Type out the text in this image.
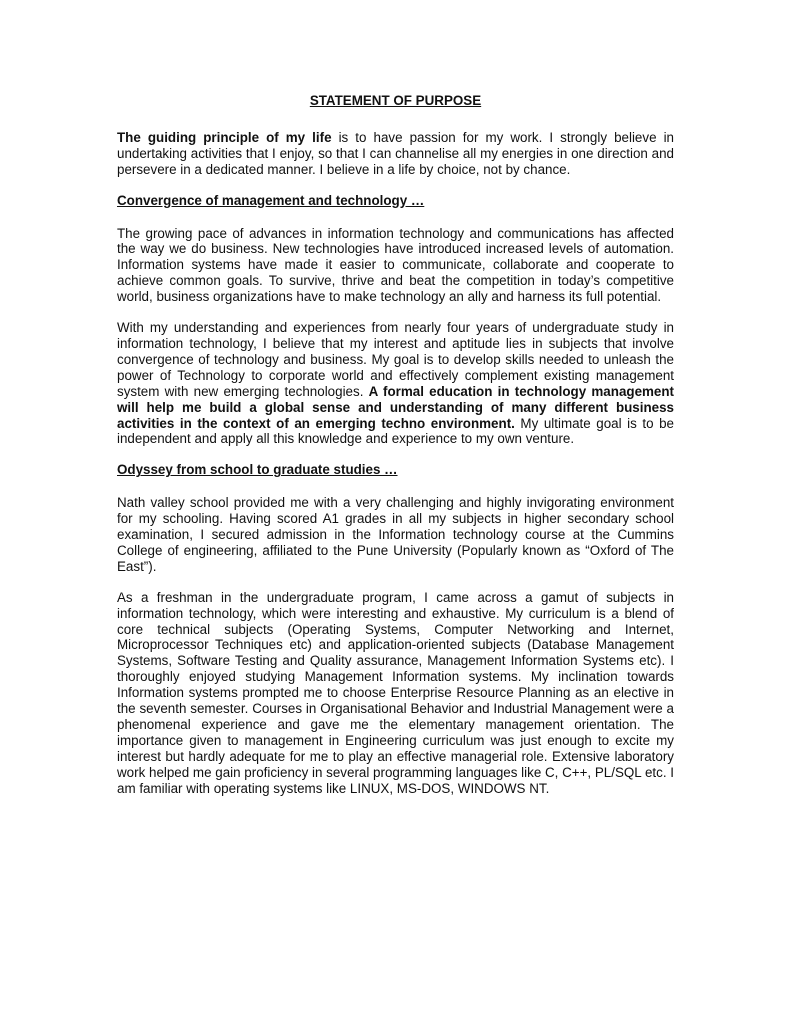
STATEMENT OF PURPOSE

The guiding principle of my life is to have passion for my work. I strongly believe in undertaking activities that I enjoy, so that I can channelise all my energies in one direction and persevere in a dedicated manner. I believe in a life by choice, not by chance.

Convergence of management and technology …

The growing pace of advances in information technology and communications has affected the way we do business. New technologies have introduced increased levels of automation. Information systems have made it easier to communicate, collaborate and cooperate to achieve common goals. To survive, thrive and beat the competition in today’s competitive world, business organizations have to make technology an ally and harness its full potential.

With my understanding and experiences from nearly four years of undergraduate study in information technology, I believe that my interest and aptitude lies in subjects that involve convergence of technology and business. My goal is to develop skills needed to unleash the power of Technology to corporate world and effectively complement existing management system with new emerging technologies. A formal education in technology management will help me build a global sense and understanding of many different business activities in the context of an emerging techno environment. My ultimate goal is to be independent and apply all this knowledge and experience to my own venture.

Odyssey from school to graduate studies …

Nath valley school provided me with a very challenging and highly invigorating environment for my schooling. Having scored A1 grades in all my subjects in higher secondary school examination, I secured admission in the Information technology course at the Cummins College of engineering, affiliated to the Pune University (Popularly known as “Oxford of The East”).

As a freshman in the undergraduate program, I came across a gamut of subjects in information technology, which were interesting and exhaustive. My curriculum is a blend of core technical subjects (Operating Systems, Computer Networking and Internet, Microprocessor Techniques etc) and application-oriented subjects (Database Management Systems, Software Testing and Quality assurance, Management Information Systems etc). I thoroughly enjoyed studying Management Information systems. My inclination towards Information systems prompted me to choose Enterprise Resource Planning as an elective in the seventh semester. Courses in Organisational Behavior and Industrial Management were a phenomenal experience and gave me the elementary management orientation. The importance given to management in Engineering curriculum was just enough to excite my interest but hardly adequate for me to play an effective managerial role. Extensive laboratory work helped me gain proficiency in several programming languages like C, C++, PL/SQL etc. I am familiar with operating systems like LINUX, MS-DOS, WINDOWS NT.
